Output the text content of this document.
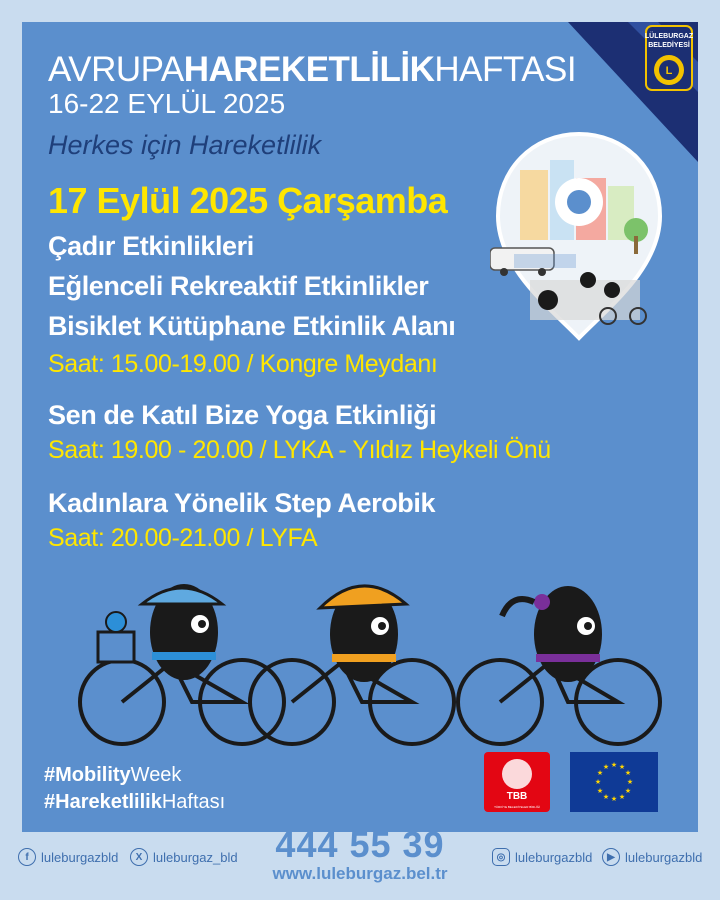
LÜLEBURGAZ
BELEDİYESİ
L

AVRUPAHAREKETLİLİKHAFTASI

16-22 EYLÜL 2025

Herkes için Hareketlilik

17 Eylül 2025 Çarşamba

Çadır Etkinlikleri

Eğlenceli Rekreaktif Etkinlikler

Bisiklet Kütüphane Etkinlik Alanı

Saat: 15.00-19.00 / Kongre Meydanı

Sen de Katıl Bize Yoga Etkinliği

Saat: 19.00 - 20.00 / LYKA - Yıldız Heykeli Önü

Kadınlara Yönelik Step Aerobik

Saat: 20.00-21.00 / LYFA

#MobilityWeek

#HareketlilikHaftası	TBB
TÜRKİYE BELEDİYELER BİRLİĞİ
★ ★
★
★
★
★
★
★
★
★
★
★
444 55 39
www.luleburgaz.bel.tr
f luleburgazbld	X luleburgaz_bld	◎ luleburgazbld	▶ luleburgazbld
